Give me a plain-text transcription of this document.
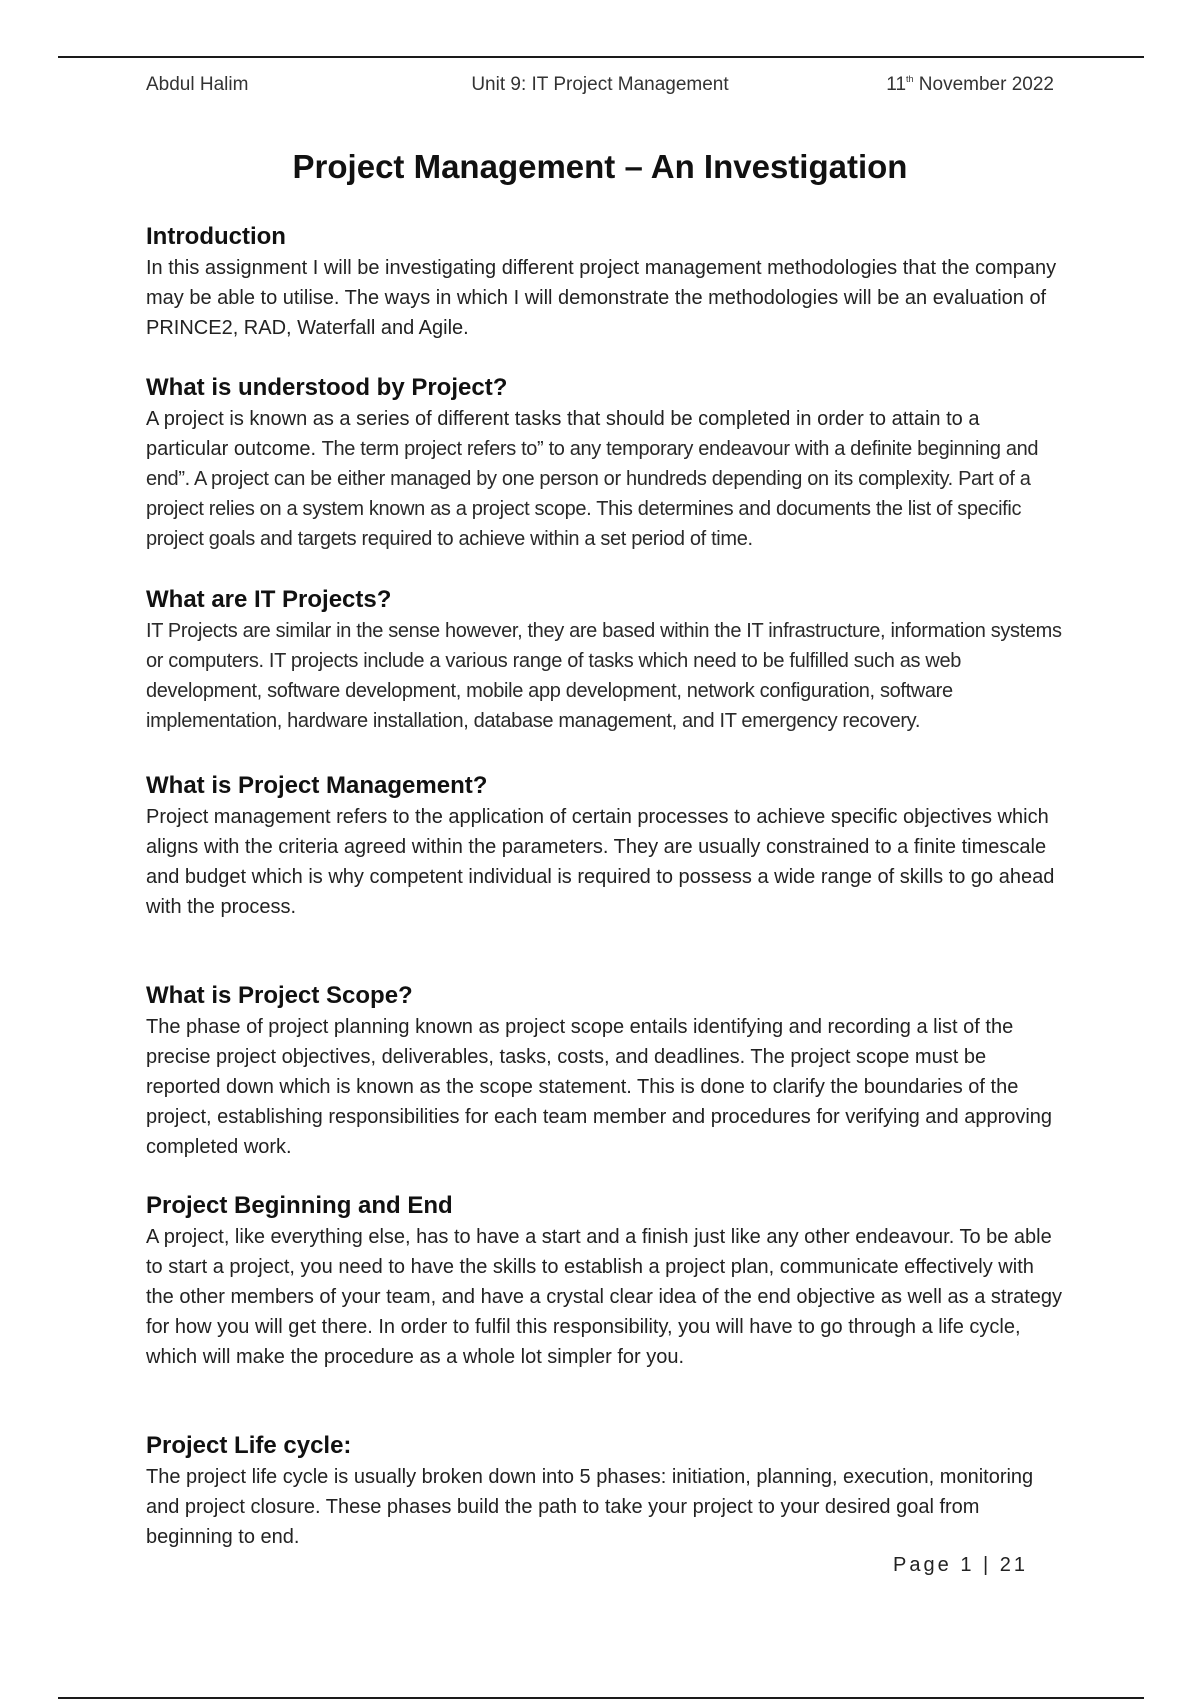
Abdul Halim	Unit 9: IT Project Management	11th November 2022
Project Management – An Investigation
Introduction

In this assignment I will be investigating different project management methodologies that the company may be able to utilise. The ways in which I will demonstrate the methodologies will be an evaluation of PRINCE2, RAD, Waterfall and Agile.

What is understood by Project?

A project is known as a series of different tasks that should be completed in order to attain to a particular outcome. The term project refers to” to any temporary endeavour with a definite beginning and end”. A project can be either managed by one person or hundreds depending on its complexity. Part of a project relies on a system known as a project scope. This determines and documents the list of specific project goals and targets required to achieve within a set period of time.

What are IT Projects?

IT Projects are similar in the sense however, they are based within the IT infrastructure, information systems or computers. IT projects include a various range of tasks which need to be fulfilled such as web development, software development, mobile app development, network configuration, software implementation, hardware installation, database management, and IT emergency recovery.

What is Project Management?

Project management refers to the application of certain processes to achieve specific objectives which aligns with the criteria agreed within the parameters. They are usually constrained to a finite timescale and budget which is why competent individual is required to possess a wide range of skills to go ahead with the process.

What is Project Scope?

The phase of project planning known as project scope entails identifying and recording a list of the precise project objectives, deliverables, tasks, costs, and deadlines. The project scope must be reported down which is known as the scope statement. This is done to clarify the boundaries of the project, establishing responsibilities for each team member and procedures for verifying and approving completed work.

Project Beginning and End

A project, like everything else, has to have a start and a finish just like any other endeavour. To be able to start a project, you need to have the skills to establish a project plan, communicate effectively with the other members of your team, and have a crystal clear idea of the end objective as well as a strategy for how you will get there. In order to fulfil this responsibility, you will have to go through a life cycle, which will make the procedure as a whole lot simpler for you.

Project Life cycle:

The project life cycle is usually broken down into 5 phases: initiation, planning, execution, monitoring and project closure. These phases build the path to take your project to your desired goal from beginning to end.

Page 1 | 21
